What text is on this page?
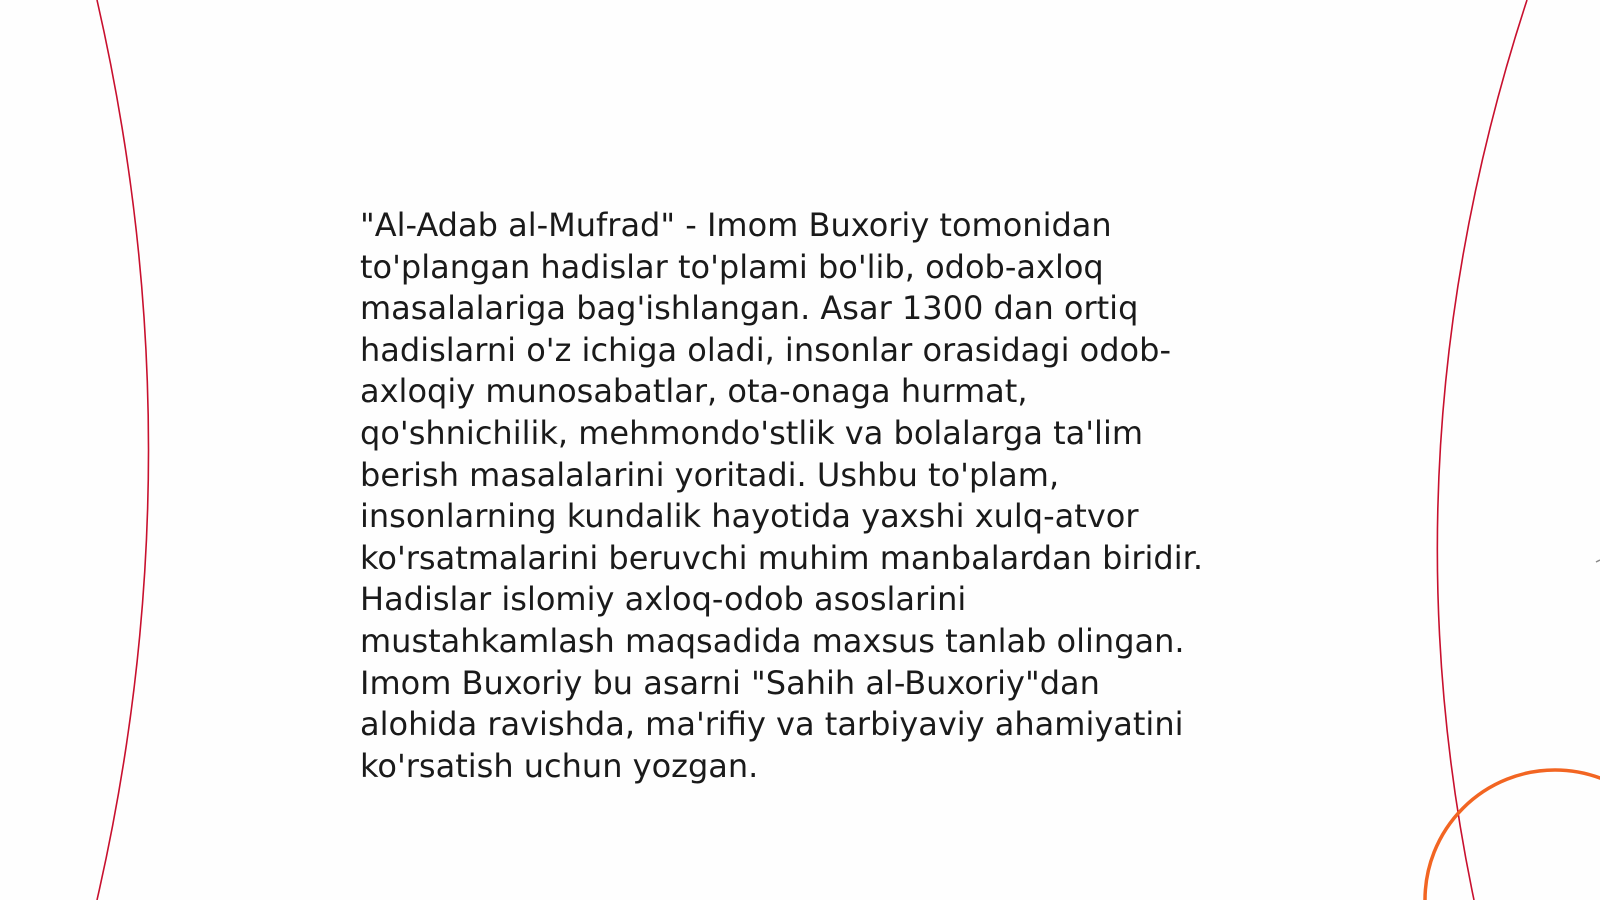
"Al-Adab al-Mufrad" - Imom Buxoriy tomonidan
to'plangan hadislar to'plami bo'lib, odob-axloq
masalalariga bag'ishlangan. Asar 1300 dan ortiq
hadislarni o'z ichiga oladi, insonlar orasidagi odob-
axloqiy munosabatlar, ota-onaga hurmat,
qo'shnichilik, mehmondo'stlik va bolalarga ta'lim
berish masalalarini yoritadi. Ushbu to'plam,
insonlarning kundalik hayotida yaxshi xulq-atvor
ko'rsatmalarini beruvchi muhim manbalardan biridir.
Hadislar islomiy axloq-odob asoslarini
mustahkamlash maqsadida maxsus tanlab olingan.
Imom Buxoriy bu asarni "Sahih al-Buxoriy"dan
alohida ravishda, ma'rifiy va tarbiyaviy ahamiyatini
ko'rsatish uchun yozgan.
